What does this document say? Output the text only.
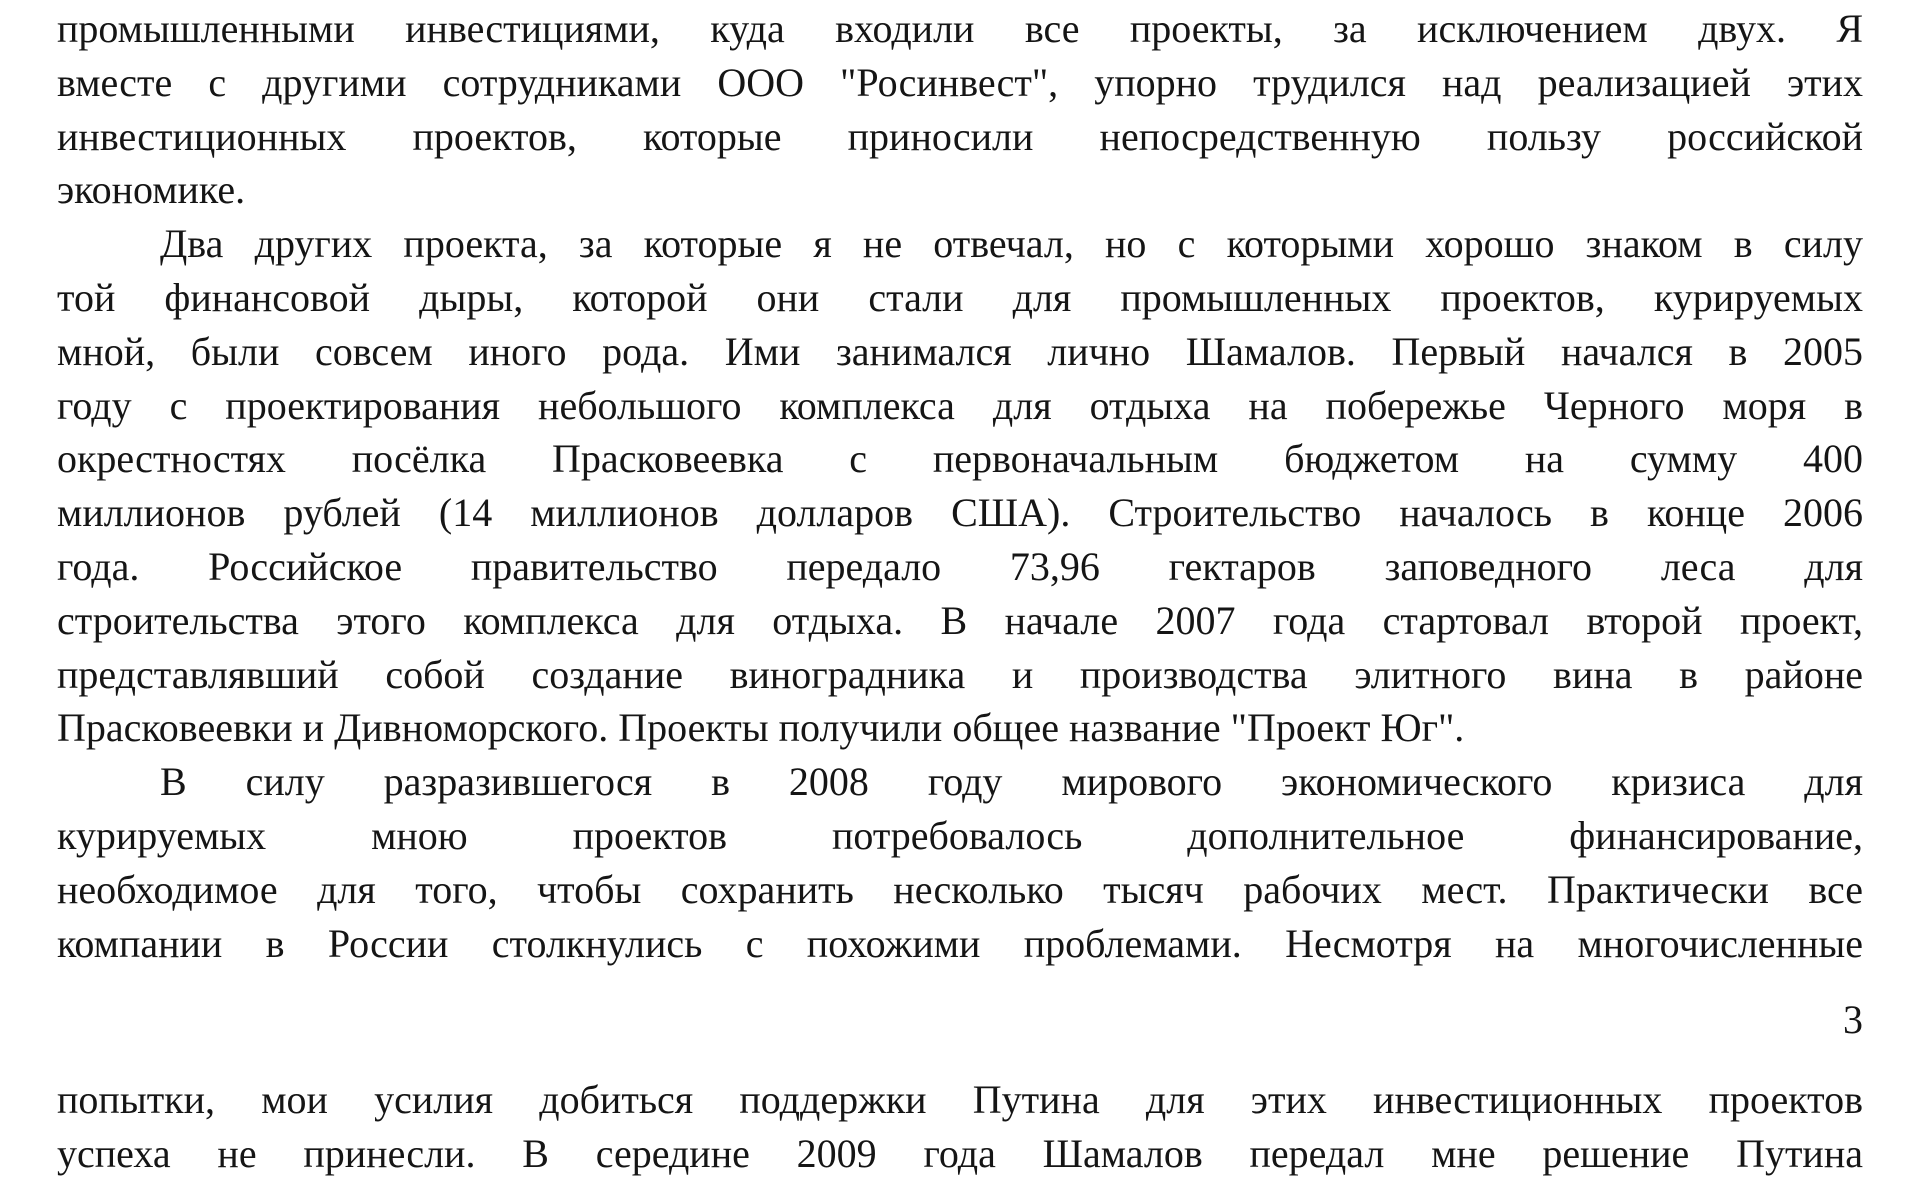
промышленными инвестициями, куда входили все проекты, за исключением двух. Я
вместе с другими сотрудниками ООО "Росинвест", упорно трудился над реализацией этих
инвестиционных проектов, которые приносили непосредственную пользу российской
экономике.
Два других проекта, за которые я не отвечал, но с которыми хорошо знаком в силу
той финансовой дыры, которой они стали для промышленных проектов, курируемых
мной, были совсем иного рода. Ими занимался лично Шамалов. Первый начался в 2005
году с проектирования небольшого комплекса для отдыха на побережье Черного моря в
окрестностях посёлка Прасковеевка с первоначальным бюджетом на сумму 400
миллионов рублей (14 миллионов долларов США). Строительство началось в конце 2006
года. Российское правительство передало 73,96 гектаров заповедного леса для
строительства этого комплекса для отдыха. В начале 2007 года стартовал второй проект,
представлявший собой создание виноградника и производства элитного вина в районе
Прасковеевки и Дивноморского. Проекты получили общее название "Проект Юг".
В силу разразившегося в 2008 году мирового экономического кризиса для
курируемых мною проектов потребовалось дополнительное финансирование,
необходимое для того, чтобы сохранить несколько тысяч рабочих мест. Практически все
компании в России столкнулись с похожими проблемами. Несмотря на многочисленные
3
попытки, мои усилия добиться поддержки Путина для этих инвестиционных проектов
успеха не принесли. В середине 2009 года Шамалов передал мне решение Путина
